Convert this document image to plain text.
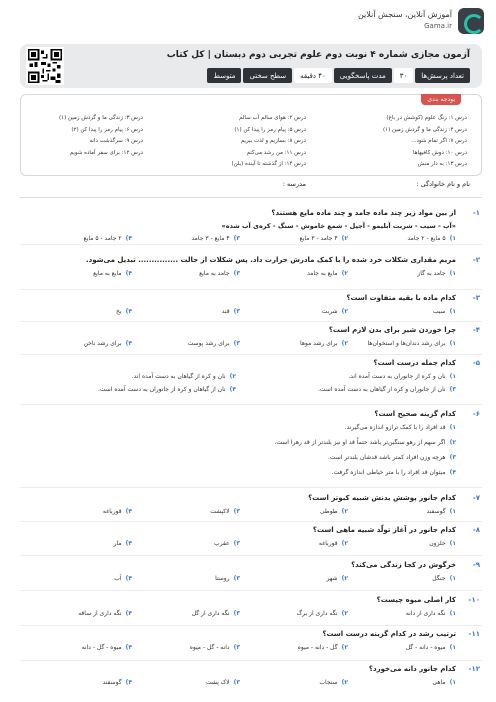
آموزش آنلاین، سنجش آنلاین
Gama.ir
آزمون مجازی شماره ۴ نوبت دوم علوم تجربی دوم دبستان | کل کتاب
تعداد پرسش‌ها
۳۰
مدت پاسخگویی
۴۰ دقیقه
سطح سختی
متوسط
بودجه بندی
درس ۱: زنگ علوم (کوشش در باغ)
درس ۴: زندگی ما و گردش زمین (۱)
درس ۷: اگر تمام شود...
درس ۱۰: دوش کافیها‌ها
درس ۱۳: به دار منش
درس ۲: هوای سالم آب سالم
درس ۵: پیام رمز را پیدا کن (۱)
درس ۸: بسازیم و لذت ببریم
درس ۱۱: من رشد می‌کنم
درس ۱۴: از گذشته تا آینده (بلن)
درس ۳: زندگی ما و گردش زمین (۱)
درس ۶: پیام رمز را پیدا کن (۲)
درس ۹: سرگذشت دانه
درس ۱۲: برای سفر آماده شویم
نام و نام خانوادگی :
مدرسه :
۱-
از بین مواد زیر چند ماده جامد و چند ماده مایع هستند؟
«آب - سیب - شربت آبلیمو - آجیل - شمع خاموش - سنگ - کره‌ی آب شده»
۱)۵ مایع - ۲ جامد
۲)۴ جامد - ۳ مایع
۳)۴ مایع - ۳ جامد
۴)۲ جامد - ۵ مایع
۲-
مریم مقداری شکلات خرد شده را با کمک مادرش حرارت داد. پس شکلات از حالت ............... تبدیل می‌شود.
۱)جامد به گاز
۲)مایع به جامد
۳)جامد به مایع
۴)مایع به مایع
۳-
کدام ماده با بقیه متفاوت است؟
۱)سیب
۲)شربت
۳)قند
۴)یخ
۴-
چرا خوردن شیر برای بدن لازم است؟
۱)برای رشد دندان‌ها و استخوان‌ها
۲)برای رشد موها
۳)برای رشد پوست
۴)برای رشد ناخن
۵-
کدام جمله درست است؟
۱)نان و کره از جانوران به دست آمده اند.
۲)نان و کره از گیاهان به دست آمده اند.
۳)نان از جانوران و کره از گیاهان به دست آمده است.
۴)نان از گیاهان و کره از جانوران به دست آمده است.
۶-
کدام گزینه صحیح است؟
۱)قد افراد را با کمک ترازو اندازه می‌گیرند.
۲)اگر سهم از رهو سنگین‌تر باشد حتماً قد او نیز بلندتر از قد رهرا است.
۳)هرچه وزن افراد کمتر باشد قدشان بلندتر است.
۴)میتوان قد افراد را با متر خیاطی اندازه گرفت.
۷-
کدام جانور پوشش بدنش شبیه کبوتر است؟
۱)گوسفند
۲)طوطی
۳)لاکپشت
۴)قورباغه
۸-
کدام جانور در آغاز تولّد شبیه ماهی است؟
۱)حلزون
۲)قورباغه
۳)عقرب
۴)مار
۹-
خرگوش در کجا زندگی می‌کند؟
۱)جنگل
۲)شهر
۳)روستا
۴)آب
۱۰-
کار اصلی میوه چیست؟
۱)نگه داری از دانه
۲)نگه داری از برگ
۳)نگه داری از گل
۴)نگه داری از ساقه
۱۱-
ترتیب رشد در کدام گزینه درست است؟
۱)میوه - دانه - گل
۲)گل - دانه - میوه
۳)دانه - گل - میوه
۴)میوه - گل - دانه
۱۲-
کدام جانور دانه می‌خورد؟
۱)ماهی
۲)سنجاب
۳)لاک پشت
۴)گوسفند
